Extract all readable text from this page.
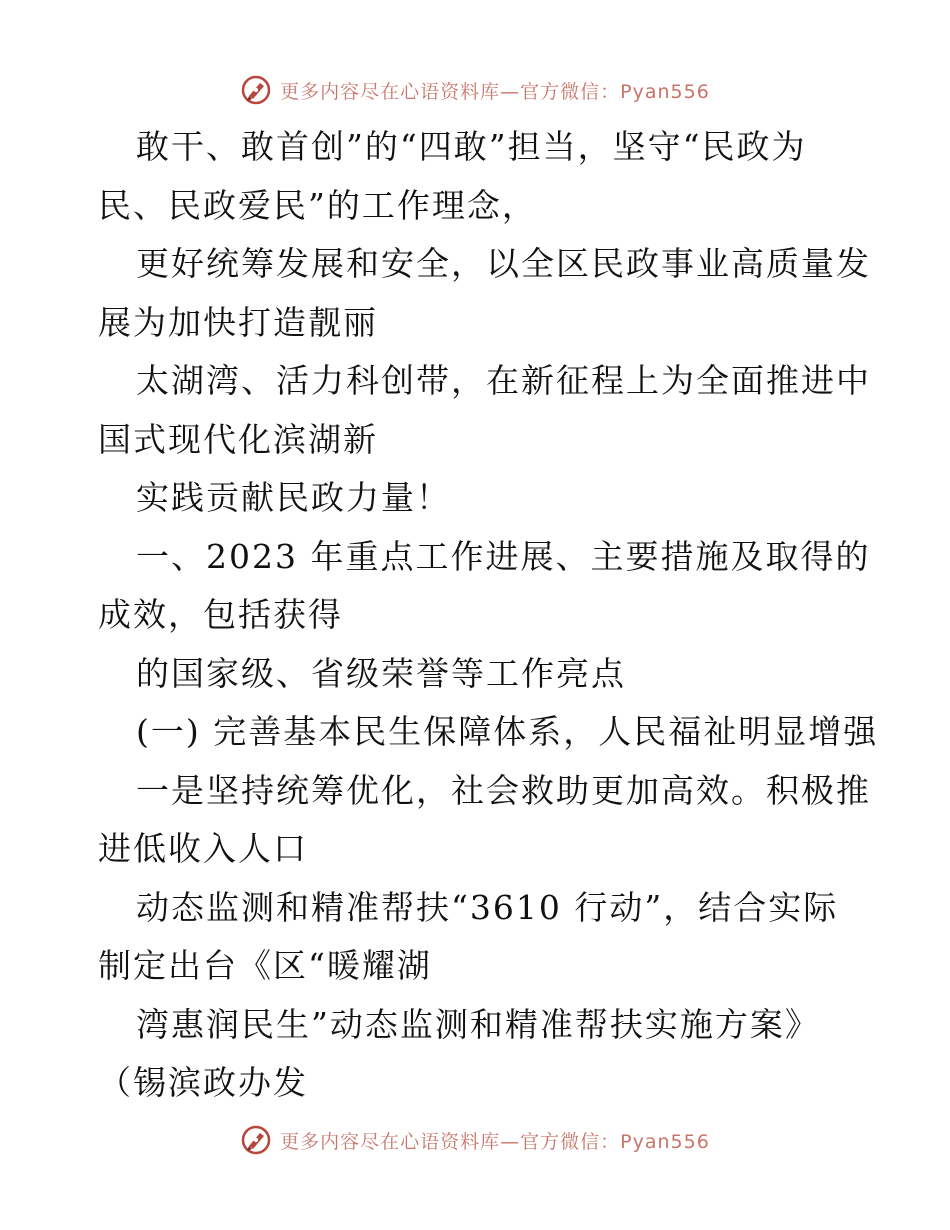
更多内容尽在心语资料库—官方微信：Pyan556
敢干、敢首创”的“四敢”担当，坚守“民政为
民、民政爱民”的工作理念，
更好统筹发展和安全，以全区民政事业高质量发
展为加快打造靓丽
太湖湾、活力科创带，在新征程上为全面推进中
国式现代化滨湖新
实践贡献民政力量！
一、2023 年重点工作进展、主要措施及取得的
成效，包括获得
的国家级、省级荣誉等工作亮点
(一) 完善基本民生保障体系，人民福祉明显增强
一是坚持统筹优化，社会救助更加高效。积极推
进低收入人口
动态监测和精准帮扶“3610 行动”，结合实际
制定出台《区“暖耀湖
湾惠润民生”动态监测和精准帮扶实施方案》
（锡滨政办发
更多内容尽在心语资料库—官方微信：Pyan556
